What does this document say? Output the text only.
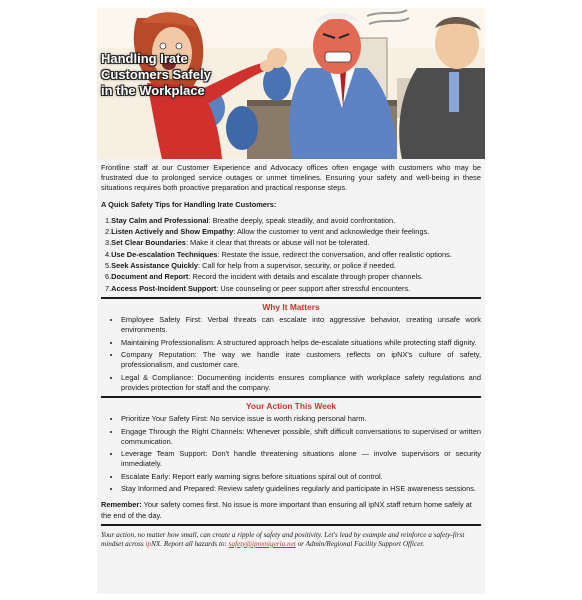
Handling Irate Customers Safely in the Workplace

Frontline staff at our Customer Experience and Advocacy offices often engage with customers who may be frustrated due to prolonged service outages or unmet timelines. Ensuring your safety and well-being in these situations requires both proactive preparation and practical response steps.

A Quick Safety Tips for Handling Irate Customers:
1.Stay Calm and Professional: Breathe deeply, speak steadily, and avoid confrontation.
2.Listen Actively and Show Empathy: Allow the customer to vent and acknowledge their feelings.
3.Set Clear Boundaries: Make it clear that threats or abuse will not be tolerated.
4.Use De-escalation Techniques: Restate the issue, redirect the conversation, and offer realistic options.
5.Seek Assistance Quickly: Call for help from a supervisor, security, or police if needed.
6.Document and Report: Record the incident with details and escalate through proper channels.
7.Access Post-Incident Support: Use counseling or peer support after stressful encounters.
Why It Matters
• Employee Safety First: Verbal threats can escalate into aggressive behavior, creating unsafe work environments.
• Maintaining Professionalism: A structured approach helps de-escalate situations while protecting staff dignity.
• Company Reputation: The way we handle irate customers reflects on ipNX's culture of safety, professionalism, and customer care.
• Legal & Compliance: Documenting incidents ensures compliance with workplace safety regulations and provides protection for staff and the company.
Your Action This Week
• Prioritize Your Safety First: No service issue is worth risking personal harm.
• Engage Through the Right Channels: Whenever possible, shift difficult conversations to supervised or written communication.
• Leverage Team Support: Don't handle threatening situations alone — involve supervisors or security immediately.
• Escalate Early: Report early warning signs before situations spiral out of control.
• Stay Informed and Prepared: Review safety guidelines regularly and participate in HSE awareness sessions.

Remember: Your safety comes first. No issue is more important than ensuring all ipNX staff return home safely at the end of the day.

Your action, no matter how small, can create a ripple of safety and positivity. Let's lead by example and reinforce a safety-first mindset across ipNX. Report all hazards to: safety@ipnxnigeria.net or Admin/Regional Facility Support Officer.
